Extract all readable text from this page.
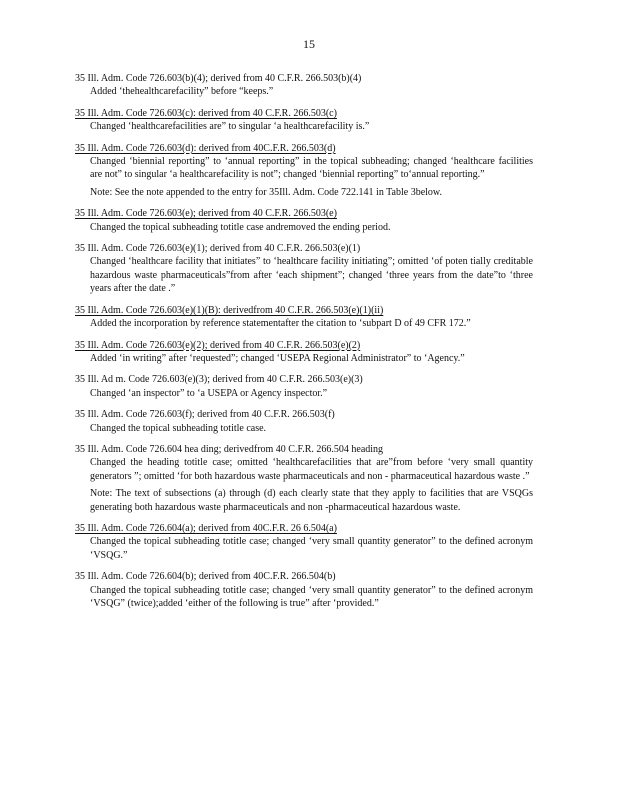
15
35 Ill. Adm. Code 726.603(b)(4); derived from 40 C.F.R. 266.503(b)(4)
Added ‘thehealthcarefacility” before “keeps.”
35 Ill. Adm. Code 726.603(c): derived from 40 C.F.R. 266.503(c)
Changed ‘healthcarefacilities are” to singular ‘a healthcarefacility is.”
35 Ill. Adm. Code 726.603(d): derived from 40C.F.R. 266.503(d)
Changed ‘biennial reporting” to ‘annual reporting” in the topical subheading; changed ‘healthcare facilities are not” to singular ‘a healthcarefacility is not”; changed ‘biennial reporting” to‘annual reporting.”
Note: See the note appended to the entry for 35Ill. Adm. Code 722.141 in Table 3below.
35 Ill. Adm. Code 726.603(e); derived from 40 C.F.R. 266.503(e)
Changed the topical subheading totitle case andremoved the ending period.
35 Ill. Adm. Code 726.603(e)(1); derived from 40 C.F.R. 266.503(e)(1)
Changed ‘healthcare facility that initiates” to ‘healthcare facility initiating”; omitted ‘of poten tially creditable hazardous waste pharmaceuticals”from after ‘each shipment”; changed ‘three years from the date”to ‘three years after the date .”
35 Ill. Adm. Code 726.603(e)(1)(B): derivedfrom 40 C.F.R. 266.503(e)(1)(ii)
Added the incorporation by reference statementafter the citation to ‘subpart D of 49 CFR 172.”
35 Ill. Adm. Code 726.603(e)(2); derived from 40 C.F.R. 266.503(e)(2)
Added ‘in writing” after ‘requested”; changed ‘USEPA Regional Administrator” to ‘Agency.”
35 Ill. Ad m. Code 726.603(e)(3); derived from 40 C.F.R. 266.503(e)(3)
Changed ‘an inspector” to ‘a USEPA or Agency inspector.”
35 Ill. Adm. Code 726.603(f); derived from 40 C.F.R. 266.503(f)
Changed the topical subheading totitle case.
35 Ill. Adm. Code 726.604 hea ding; derivedfrom 40 C.F.R. 266.504 heading
Changed the heading totitle case; omitted ‘healthcarefacilities that are”from before ‘very small quantity generators ”; omitted ‘for both hazardous waste pharmaceuticals and non - pharmaceutical hazardous waste .”
Note: The text of subsections (a) through (d) each clearly state that they apply to facilities that are VSQGs generating both hazardous waste pharmaceuticals and non -pharmaceutical hazardous waste.
35 Ill. Adm. Code 726.604(a); derived from 40C.F.R. 26 6.504(a)
Changed the topical subheading totitle case; changed ‘very small quantity generator” to the defined acronym ‘VSQG.”
35 Ill. Adm. Code 726.604(b); derived from 40C.F.R. 266.504(b)
Changed the topical subheading totitle case; changed ‘very small quantity generator” to the defined acronym ‘VSQG” (twice);added ‘either of the following is true” after ‘provided.”
